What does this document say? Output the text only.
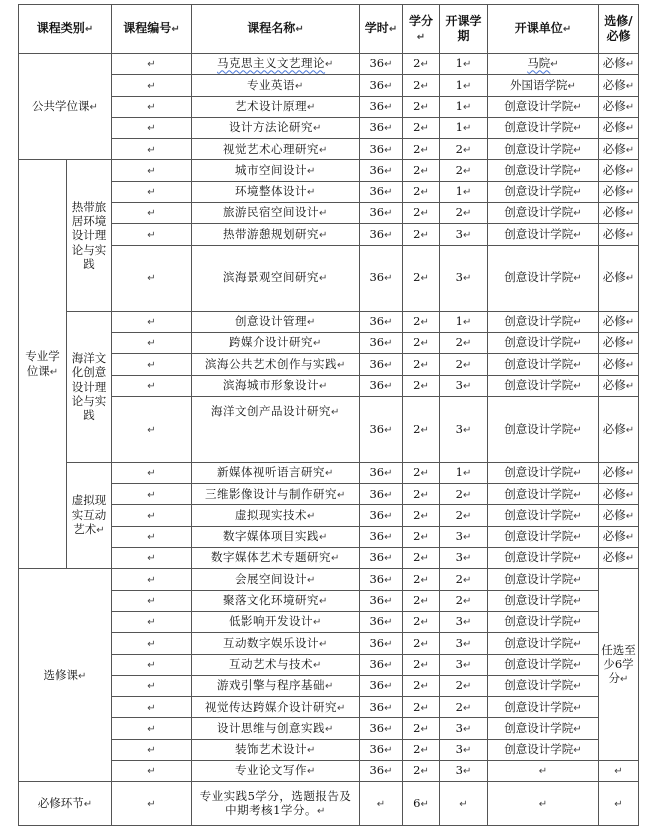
课程类别↵		课程编号↵	课程名称↵	学时↵	学分↵	开课学期	开课单位↵	选修/必修
公共学位课↵		↵	马克思主义文艺理论↵	36↵	2↵	1↵	马院↵	必修↵
		↵	专业英语↵	36↵	2↵	1↵	外国语学院↵	必修↵
		↵	艺术设计原理↵	36↵	2↵	1↵	创意设计学院↵	必修↵
		↵	设计方法论研究↵	36↵	2↵	1↵	创意设计学院↵	必修↵
		↵	视觉艺术心理研究↵	36↵	2↵	2↵	创意设计学院↵	必修↵
专业学位课↵	热带旅居环境设计理论与实践	↵	城市空间设计↵	36↵	2↵	2↵	创意设计学院↵	必修↵
		↵	环境整体设计↵	36↵	2↵	1↵	创意设计学院↵	必修↵
		↵	旅游民宿空间设计↵	36↵	2↵	2↵	创意设计学院↵	必修↵
		↵	热带游憩规划研究↵	36↵	2↵	3↵	创意设计学院↵	必修↵
		↵	滨海景观空间研究↵	36↵	2↵	3↵	创意设计学院↵	必修↵
	海洋文化创意设计理论与实践	↵	创意设计管理↵	36↵	2↵	1↵	创意设计学院↵	必修↵
		↵	跨媒介设计研究↵	36↵	2↵	2↵	创意设计学院↵	必修↵
		↵	滨海公共艺术创作与实践↵	36↵	2↵	2↵	创意设计学院↵	必修↵
		↵	滨海城市形象设计↵	36↵	2↵	3↵	创意设计学院↵	必修↵
		↵	海洋文创产品设计研究↵	36↵	2↵	3↵	创意设计学院↵	必修↵
	虚拟现实互动艺术↵	↵	新媒体视听语言研究↵	36↵	2↵	1↵	创意设计学院↵	必修↵
		↵	三维影像设计与制作研究↵	36↵	2↵	2↵	创意设计学院↵	必修↵
		↵	虚拟现实技术↵	36↵	2↵	2↵	创意设计学院↵	必修↵
		↵	数字媒体项目实践↵	36↵	2↵	3↵	创意设计学院↵	必修↵
		↵	数字媒体艺术专题研究↵	36↵	2↵	3↵	创意设计学院↵	必修↵
选修课↵		↵	会展空间设计↵	36↵	2↵	2↵	创意设计学院↵	任选至少6学分↵
		↵	聚落文化环境研究↵	36↵	2↵	2↵	创意设计学院↵	
		↵	低影响开发设计↵	36↵	2↵	3↵	创意设计学院↵	
		↵	互动数字娱乐设计↵	36↵	2↵	3↵	创意设计学院↵	
		↵	互动艺术与技术↵	36↵	2↵	3↵	创意设计学院↵	
		↵	游戏引擎与程序基础↵	36↵	2↵	2↵	创意设计学院↵	
		↵	视觉传达跨媒介设计研究↵	36↵	2↵	2↵	创意设计学院↵	
		↵	设计思维与创意实践↵	36↵	2↵	3↵	创意设计学院↵	
		↵	装饰艺术设计↵	36↵	2↵	3↵	创意设计学院↵	
		↵	专业论文写作↵	36↵	2↵	3↵	↵	↵
必修环节↵		↵	专业实践5学分，选题报告及中期考核1学分。↵	↵	6↵	↵	↵	↵
